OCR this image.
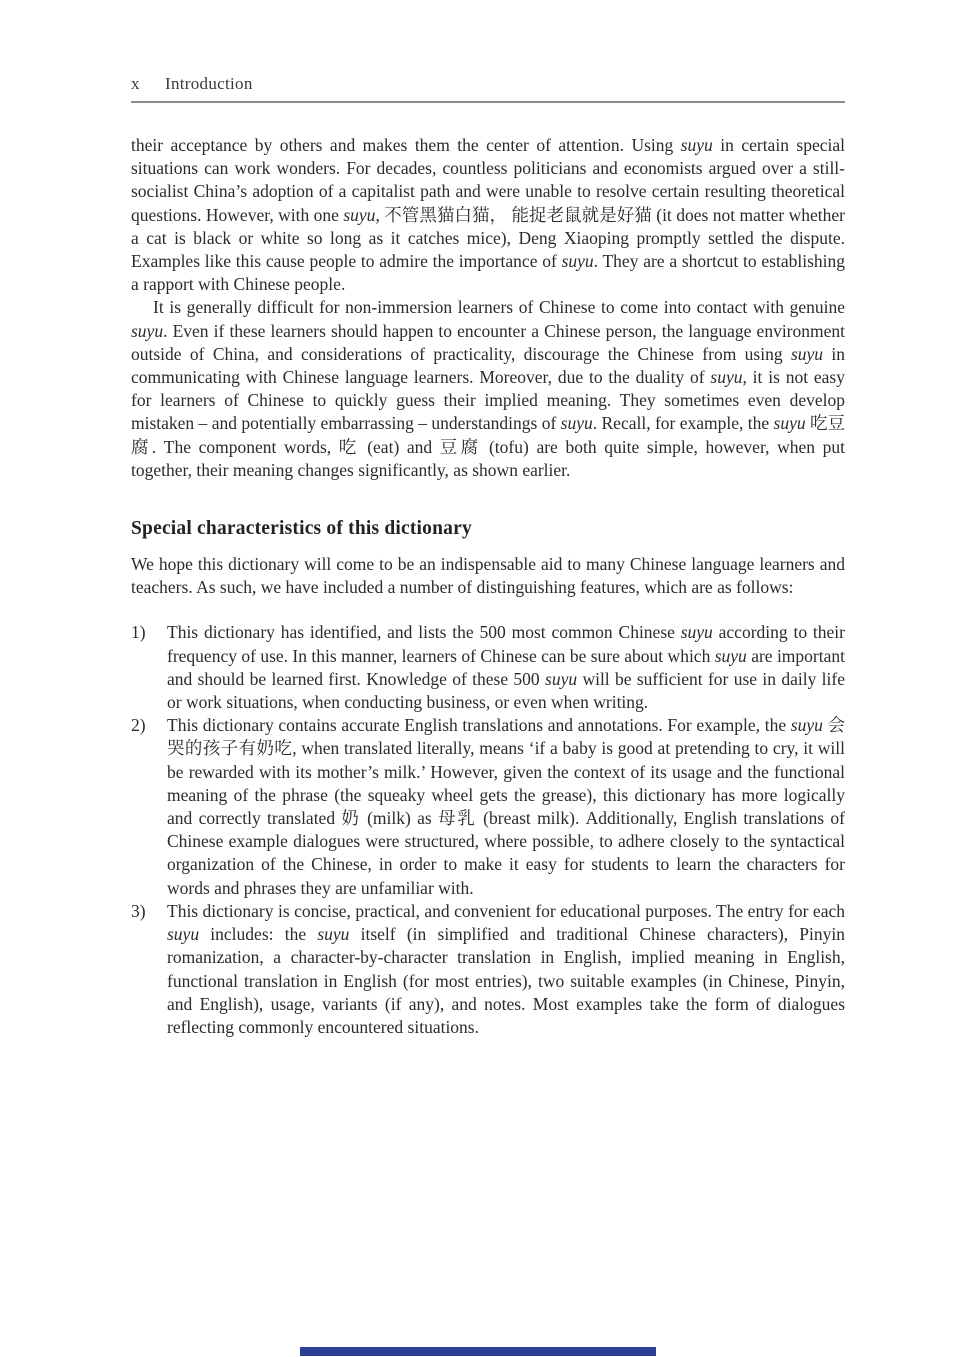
x	Introduction

their acceptance by others and makes them the center of attention. Using suyu in certain special situations can work wonders. For decades, countless politicians and economists argued over a still-socialist China’s adoption of a capitalist path and were unable to resolve certain resulting theoretical questions. However, with one suyu, 不管黑猫白猫， 能捉老鼠就是好猫 (it does not matter whether a cat is black or white so long as it catches mice), Deng Xiaoping promptly settled the dispute. Examples like this cause people to admire the importance of suyu. They are a shortcut to establishing a rapport with Chinese people.

It is generally difficult for non-immersion learners of Chinese to come into contact with genuine suyu. Even if these learners should happen to encounter a Chinese person, the language environment outside of China, and considerations of practicality, discourage the Chinese from using suyu in communicating with Chinese language learners. Moreover, due to the duality of suyu, it is not easy for learners of Chinese to quickly guess their implied meaning. They sometimes even develop mistaken – and potentially embarrassing – understandings of suyu. Recall, for example, the suyu 吃豆腐. The component words, 吃 (eat) and 豆腐 (tofu) are both quite simple, however, when put together, their meaning changes significantly, as shown earlier.

Special characteristics of this dictionary

We hope this dictionary will come to be an indispensable aid to many Chinese language learners and teachers. As such, we have included a number of distinguishing features, which are as follows:

1)	This dictionary has identified, and lists the 500 most common Chinese suyu according to their frequency of use. In this manner, learners of Chinese can be sure about which suyu are important and should be learned first. Knowledge of these 500 suyu will be sufficient for use in daily life or work situations, when conducting business, or even when writing.
2)	This dictionary contains accurate English translations and annotations. For example, the suyu 会哭的孩子有奶吃, when translated literally, means ‘if a baby is good at pretending to cry, it will be rewarded with its mother’s milk.’ However, given the context of its usage and the functional meaning of the phrase (the squeaky wheel gets the grease), this dictionary has more logically and correctly translated 奶 (milk) as 母乳 (breast milk). Additionally, English translations of Chinese example dialogues were structured, where possible, to adhere closely to the syntactical organization of the Chinese, in order to make it easy for students to learn the characters for words and phrases they are unfamiliar with.
3)	This dictionary is concise, practical, and convenient for educational purposes. The entry for each suyu includes: the suyu itself (in simplified and traditional Chinese characters), Pinyin romanization, a character-by-character translation in English, implied meaning in English, functional translation in English (for most entries), two suitable examples (in Chinese, Pinyin, and English), usage, variants (if any), and notes. Most examples take the form of dialogues reflecting commonly encountered situations.
